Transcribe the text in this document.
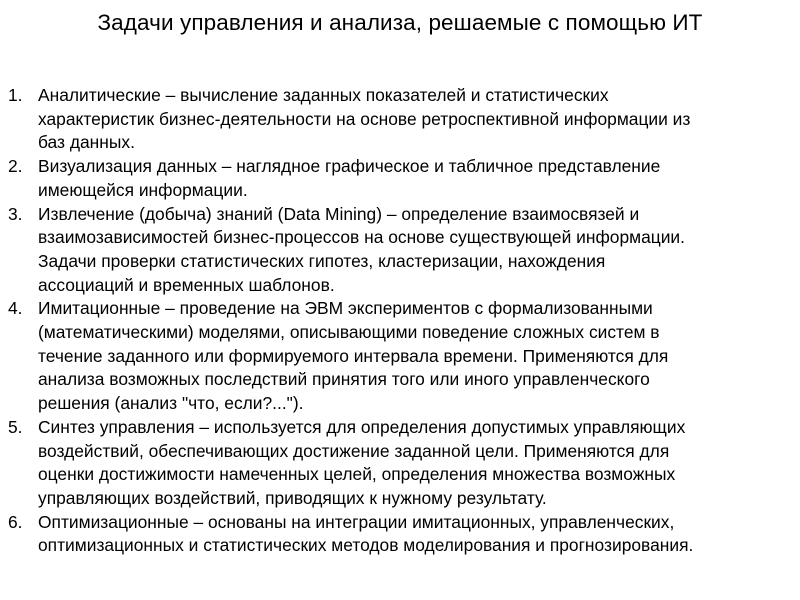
Задачи управления и анализа, решаемые с помощью ИТ
1. Аналитические – вычисление заданных показателей и статистических
характеристик бизнес-деятельности на основе ретроспективной информации из
баз данных.
2. Визуализация данных – наглядное графическое и табличное представление
имеющейся информации.
3. Извлечение (добыча) знаний (Data Mining) – определение взаимосвязей и
взаимозависимостей бизнес-процессов на основе существующей информации.
Задачи проверки статистических гипотез, кластеризации, нахождения
ассоциаций и временных шаблонов.
4. Имитационные – проведение на ЭВМ экспериментов с формализованными
(математическими) моделями, описывающими поведение сложных систем в
течение заданного или формируемого интервала времени. Применяются для
анализа возможных последствий принятия того или иного управленческого
решения (анализ "что, если?...").
5. Синтез управления – используется для определения допустимых управляющих
воздействий, обеспечивающих достижение заданной цели. Применяются для
оценки достижимости намеченных целей, определения множества возможных
управляющих воздействий, приводящих к нужному результату.
6. Оптимизационные – основаны на интеграции имитационных, управленческих,
оптимизационных и статистических методов моделирования и прогнозирования.
